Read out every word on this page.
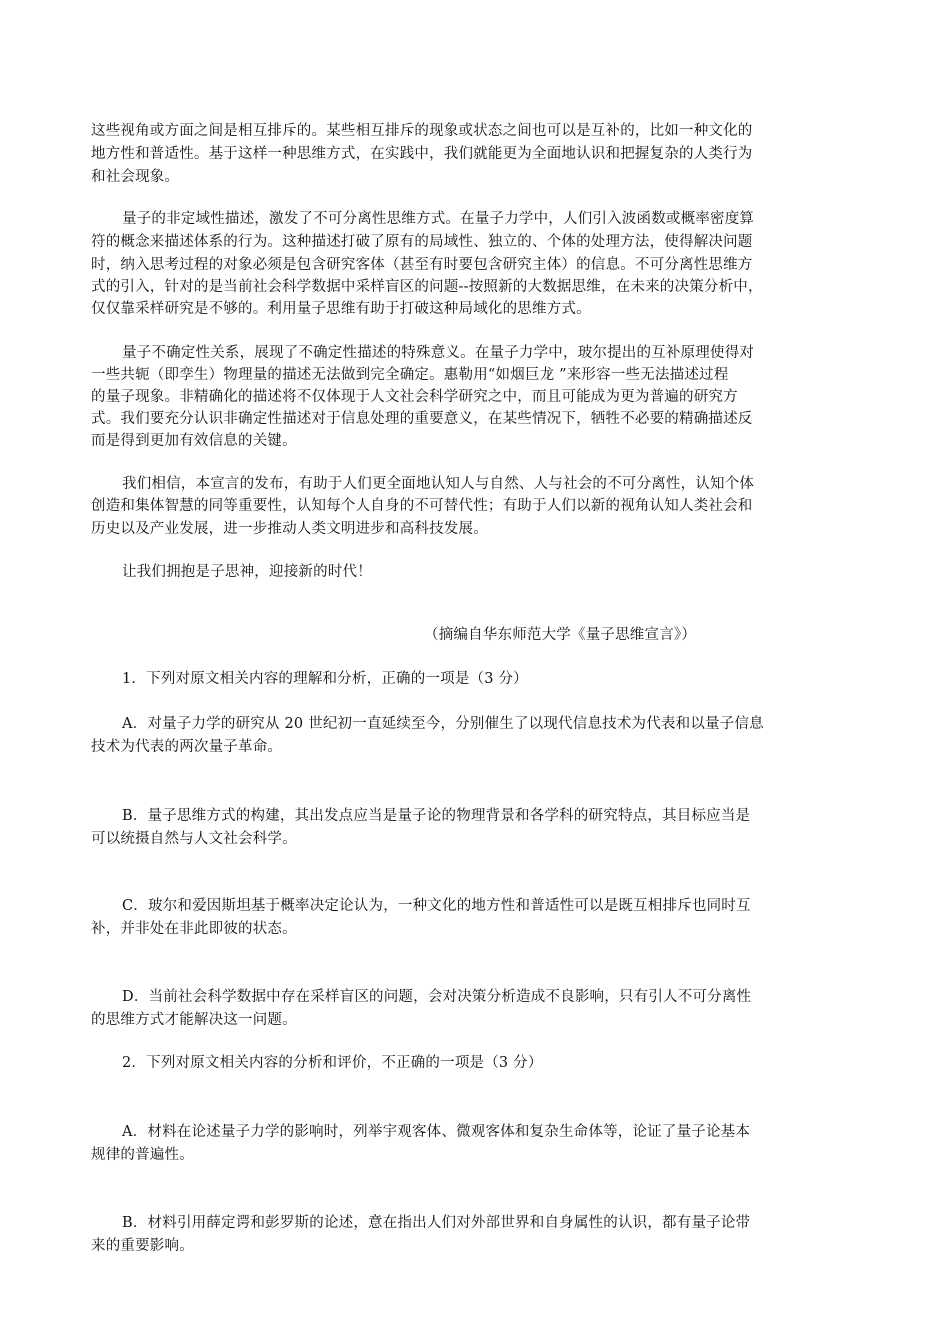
这些视角或方面之间是相互排斥的。某些相互排斥的现象或状态之间也可以是互补的，比如一种文化的
地方性和普适性。基于这样一种思维方式，在实践中，我们就能更为全面地认识和把握复杂的人类行为
和社会现象。
量子的非定域性描述，激发了不可分离性思维方式。在量子力学中，人们引入波函数或概率密度算
符的概念来描述体系的行为。这种描述打破了原有的局域性、独立的、个体的处理方法，使得解决问题
时，纳入思考过程的对象必须是包含研究客体（甚至有时要包含研究主体）的信息。不可分离性思维方
式的引入，针对的是当前社会科学数据中采样盲区的问题--按照新的大数据思维，在未来的决策分析中，
仅仅靠采样研究是不够的。利用量子思维有助于打破这种局域化的思维方式。
量子不确定性关系，展现了不确定性描述的特殊意义。在量子力学中，玻尔提出的互补原理使得对
一些共轭（即孪生）物理量的描述无法做到完全确定。惠勒用“如烟巨龙 ”来形容一些无法描述过程
的量子现象。非精确化的描述将不仅体现于人文社会科学研究之中，而且可能成为更为普遍的研究方
式。我们要充分认识非确定性描述对于信息处理的重要意义，在某些情况下，牺牲不必要的精确描述反
而是得到更加有效信息的关键。
我们相信，本宣言的发布，有助于人们更全面地认知人与自然、人与社会的不可分离性，认知个体
创造和集体智慧的同等重要性，认知每个人自身的不可替代性；有助于人们以新的视角认知人类社会和
历史以及产业发展，进一步推动人类文明进步和高科技发展。
让我们拥抱是子思神，迎接新的时代！
（摘编自华东师范大学《量子思维宣言》）
1．下列对原文相关内容的理解和分析，正确的一项是（3 分）
A．对量子力学的研究从 20 世纪初一直延续至今，分别催生了以现代信息技术为代表和以量子信息
技术为代表的两次量子革命。
B．量子思维方式的构建，其出发点应当是量子论的物理背景和各学科的研究特点，其目标应当是
可以统摄自然与人文社会科学。
C．玻尔和爱因斯坦基于概率决定论认为，一种文化的地方性和普适性可以是既互相排斥也同时互
补，并非处在非此即彼的状态。
D．当前社会科学数据中存在采样盲区的问题，会对决策分析造成不良影响，只有引人不可分离性
的思维方式才能解决这一问题。
2．下列对原文相关内容的分析和评价，不正确的一项是（3 分）
A．材料在论述量子力学的影响时，列举宇观客体、微观客体和复杂生命体等，论证了量子论基本
规律的普遍性。
B．材料引用薛定谔和彭罗斯的论述，意在指出人们对外部世界和自身属性的认识，都有量子论带
来的重要影响。
